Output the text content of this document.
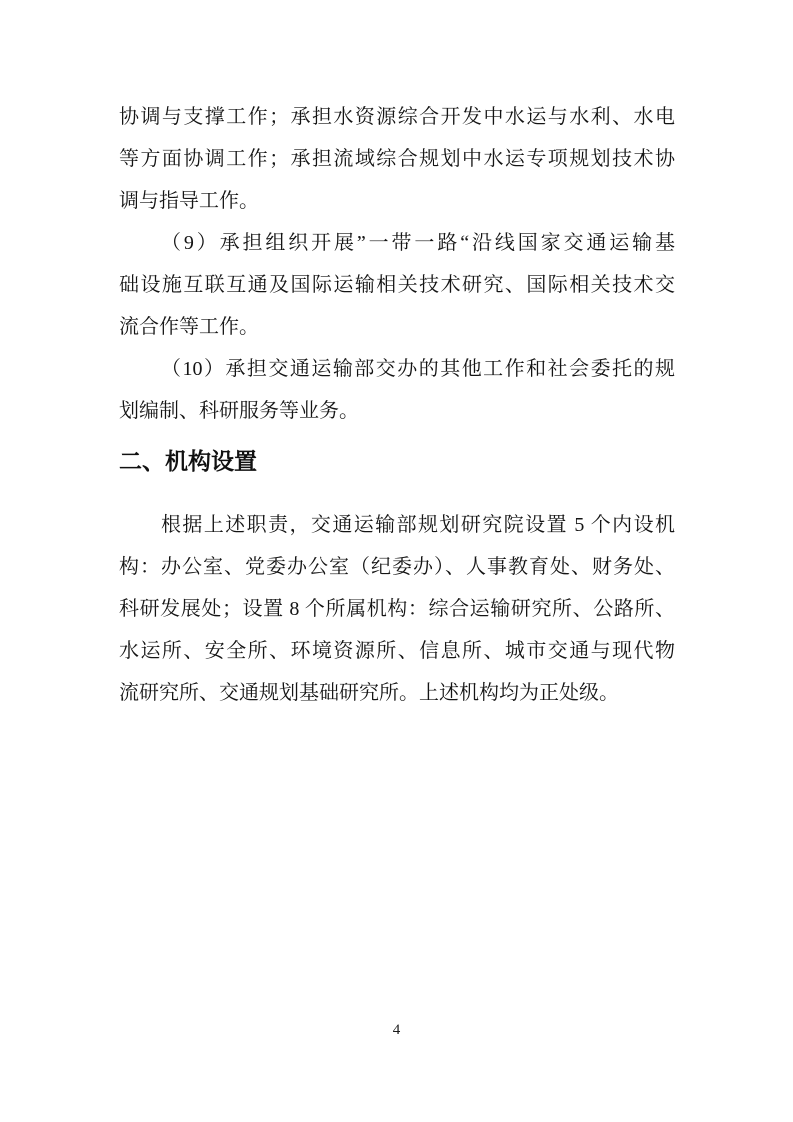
协调与支撑工作；承担水资源综合开发中水运与水利、水电
等方面协调工作；承担流域综合规划中水运专项规划技术协
调与指导工作。
（9）承担组织开展”一带一路“沿线国家交通运输基
础设施互联互通及国际运输相关技术研究、国际相关技术交
流合作等工作。
（10）承担交通运输部交办的其他工作和社会委托的规
划编制、科研服务等业务。
二、机构设置
根据上述职责，交通运输部规划研究院设置 5 个内设机
构：办公室、党委办公室（纪委办）、人事教育处、财务处、
科研发展处；设置 8 个所属机构：综合运输研究所、公路所、
水运所、安全所、环境资源所、信息所、城市交通与现代物
流研究所、交通规划基础研究所。上述机构均为正处级。
4
